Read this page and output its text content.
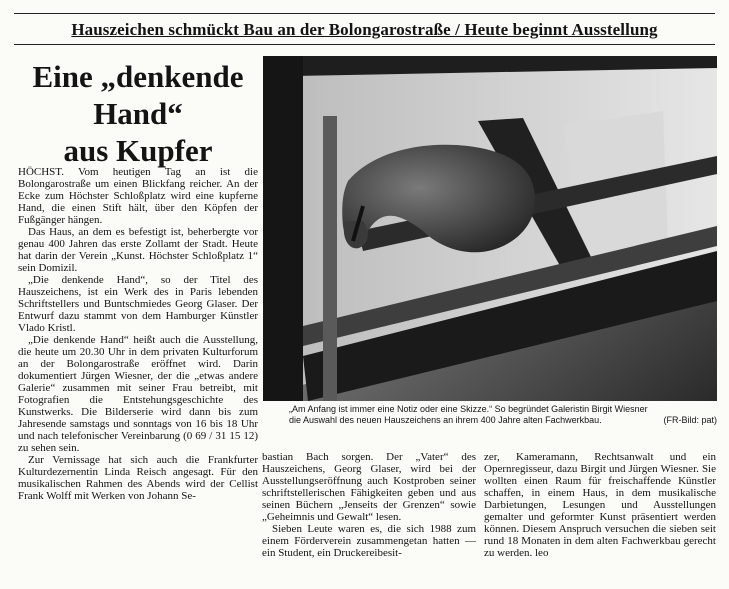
Hauszeichen schmückt Bau an der Bolongarostraße / Heute beginnt Ausstellung
Eine „denkende
Hand“
aus Kupfer

HÖCHST. Vom heutigen Tag an ist die Bolongarostraße um einen Blickfang reicher. An der Ecke zum Höchster Schloßplatz wird eine kupferne Hand, die einen Stift hält, über den Köpfen der Fußgänger hängen.

Das Haus, an dem es befestigt ist, beherbergte vor genau 400 Jahren das erste Zollamt der Stadt. Heute hat darin der Verein „Kunst. Höchster Schloßplatz 1“ sein Domizil.

„Die denkende Hand“, so der Titel des Hauszeichens, ist ein Werk des in Paris lebenden Schriftstellers und Buntschmiedes Georg Glaser. Der Entwurf dazu stammt von dem Hamburger Künstler Vlado Kristl.

„Die denkende Hand“ heißt auch die Ausstellung, die heute um 20.30 Uhr in dem privaten Kulturforum an der Bolongarostraße eröffnet wird. Darin dokumentiert Jürgen Wiesner, der die „etwas andere Galerie“ zusammen mit seiner Frau betreibt, mit Fotografien die Entstehungsgeschichte des Kunstwerks. Die Bilderserie wird dann bis zum Jahresende samstags und sonntags von 16 bis 18 Uhr und nach telefonischer Vereinbarung (0 69 / 31 15 12) zu sehen sein.

Zur Vernissage hat sich auch die Frankfurter Kulturdezernentin Linda Reisch angesagt. Für den musikalischen Rahmen des Abends wird der Cellist Frank Wolff mit Werken von Johann Se-

bastian Bach sorgen. Der „Vater“ des Hauszeichens, Georg Glaser, wird bei der Ausstellungseröffnung auch Kostproben seiner schriftstellerischen Fähigkeiten geben und aus seinen Büchern „Jenseits der Grenzen“ sowie „Geheimnis und Gewalt“ lesen.

Sieben Leute waren es, die sich 1988 zum einem Förderverein zusammengetan hatten — ein Student, ein Druckereibesit-

zer, Kameramann, Rechtsanwalt und ein Opernregisseur, dazu Birgit und Jürgen Wiesner. Sie wollten einen Raum für freischaffende Künstler schaffen, in einem Haus, in dem musikalische Darbietungen, Lesungen und Ausstellungen gemalter und geformter Kunst präsentiert werden können. Diesem Anspruch versuchen die sieben seit rund 18 Monaten in dem alten Fachwerkbau gerecht zu werden. leo

„Am Anfang ist immer eine Notiz oder eine Skizze.“ So begründet Galeristin Birgit Wiesner
die Auswahl des neuen Hauszeichens an ihrem 400 Jahre alten Fachwerkbau.	(FR-Bild: pat)
